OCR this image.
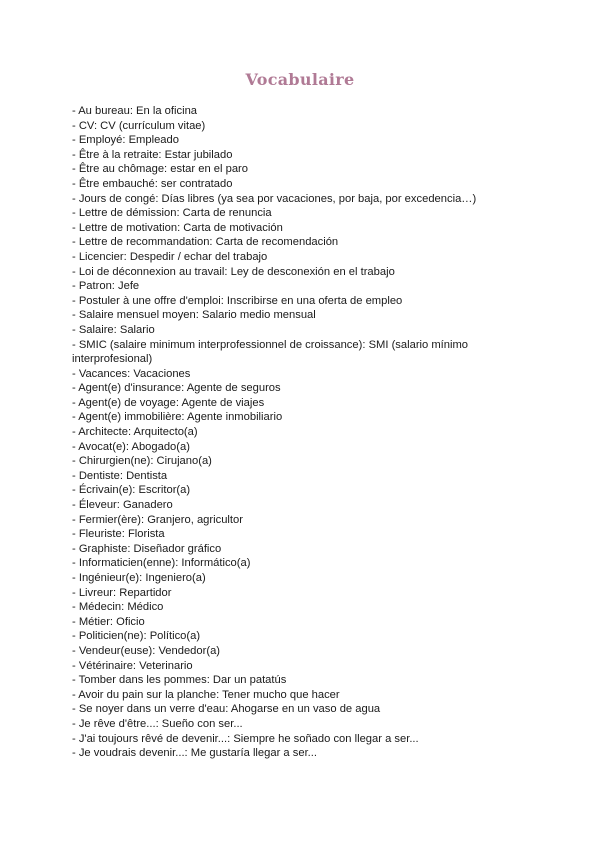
Vocabulaire
- Au bureau: En la oficina
- CV: CV (currículum vitae)
- Employé: Empleado
- Être à la retraite: Estar jubilado
- Être au chômage: estar en el paro
- Être embauché: ser contratado
- Jours de congé: Días libres (ya sea por vacaciones, por baja, por excedencia…)
- Lettre de démission: Carta de renuncia
- Lettre de motivation: Carta de motivación
- Lettre de recommandation: Carta de recomendación
- Licencier: Despedir / echar del trabajo
- Loi de déconnexion au travail: Ley de desconexión en el trabajo
- Patron: Jefe
- Postuler à une offre d'emploi: Inscribirse en una oferta de empleo
- Salaire mensuel moyen: Salario medio mensual
- Salaire: Salario
- SMIC (salaire minimum interprofessionnel de croissance): SMI (salario mínimo interprofesional)
- Vacances: Vacaciones
- Agent(e) d'insurance: Agente de seguros
- Agent(e) de voyage: Agente de viajes
- Agent(e) immobilière: Agente inmobiliario
- Architecte: Arquitecto(a)
- Avocat(e): Abogado(a)
- Chirurgien(ne): Cirujano(a)
- Dentiste: Dentista
- Écrivain(e): Escritor(a)
- Éleveur: Ganadero
- Fermier(ère): Granjero, agricultor
- Fleuriste: Florista
- Graphiste: Diseñador gráfico
- Informaticien(enne): Informático(a)
- Ingénieur(e): Ingeniero(a)
- Livreur: Repartidor
- Médecin: Médico
- Métier: Oficio
- Politicien(ne): Político(a)
- Vendeur(euse): Vendedor(a)
- Vétérinaire: Veterinario
- Tomber dans les pommes: Dar un patatús
- Avoir du pain sur la planche: Tener mucho que hacer
- Se noyer dans un verre d'eau: Ahogarse en un vaso de agua
- Je rêve d'être...: Sueño con ser...
- J'ai toujours rêvé de devenir...: Siempre he soñado con llegar a ser...
- Je voudrais devenir...: Me gustaría llegar a ser...
